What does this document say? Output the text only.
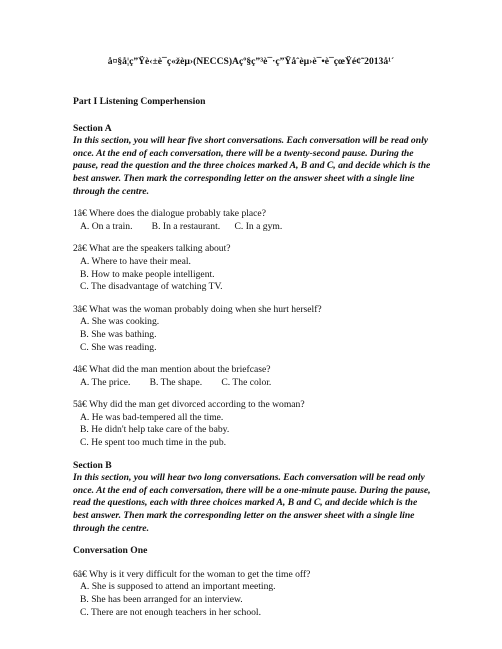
å¤§å¦ç”Ÿè‹±è¯ç«žèµ›(NECCS)Açº§ç”³è¯·ç”Ÿåˆèµ›è¯•è¯çœŸé¢˜2013å¹´
Part I Listening Comperhension
Section A
In this section, you will hear five short conversations. Each conversation will be read only once. At the end of each conversation, there will be a twenty-second pause. During the pause, read the question and the three choices marked A, B and C, and decide which is the best answer. Then mark the corresponding letter on the answer sheet with a single line through the centre.
1â€ Where does the dialogue probably take place?
A. On a train.        B. In a restaurant.      C. In a gym.
2â€ What are the speakers talking about?
A. Where to have their meal.
B. How to make people intelligent.
C. The disadvantage of watching TV.
3â€ What was the woman probably doing when she hurt herself?
A. She was cooking.
B. She was bathing.
C. She was reading.
4â€ What did the man mention about the briefcase?
A. The price.        B. The shape.        C. The color.
5â€ Why did the man get divorced according to the woman?
A. He was bad-tempered all the time.
B. He didn't help take care of the baby.
C. He spent too much time in the pub.
Section B
In this section, you will hear two long conversations. Each conversation will be read only once. At the end of each conversation, there will be a one-minute pause. During the pause, read the questions, each with three choices marked A, B and C, and decide which is the best answer. Then mark the corresponding letter on the answer sheet with a single line through the centre.
Conversation One
6â€ Why is it very difficult for the woman to get the time off?
A. She is supposed to attend an important meeting.
B. She has been arranged for an interview.
C. There are not enough teachers in her school.
